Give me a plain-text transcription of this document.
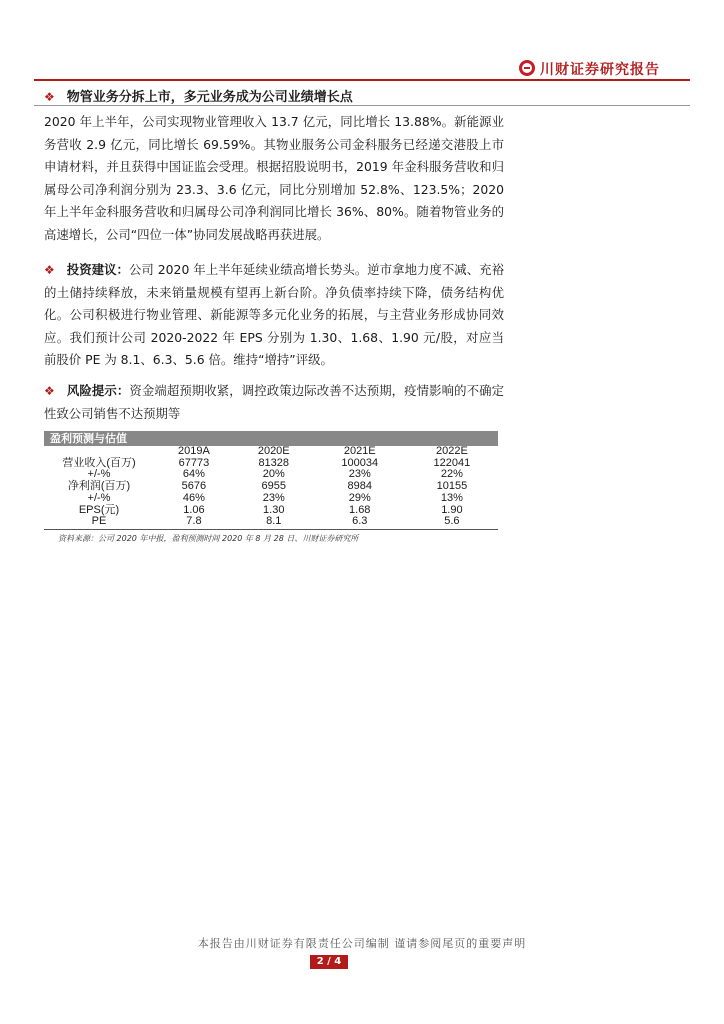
川财证券研究报告
❖ 物管业务分拆上市，多元业务成为公司业绩增长点
2020 年上半年，公司实现物业管理收入 13.7 亿元，同比增长 13.88%。新能源业务营收 2.9 亿元，同比增长 69.59%。其物业服务公司金科服务已经递交港股上市申请材料，并且获得中国证监会受理。根据招股说明书，2019 年金科服务营收和归属母公司净利润分别为 23.3、3.6 亿元，同比分别增加 52.8%、123.5%；2020 年上半年金科服务营收和归属母公司净利润同比增长 36%、80%。随着物管业务的高速增长，公司“四位一体”协同发展战略再获进展。
❖ 投资建议：公司 2020 年上半年延续业绩高增长势头。逆市拿地力度不减、充裕的土储持续释放，未来销量规模有望再上新台阶。净负债率持续下降，债务结构优化。公司积极进行物业管理、新能源等多元化业务的拓展，与主营业务形成协同效应。我们预计公司 2020-2022 年 EPS 分别为 1.30、1.68、1.90 元/股，对应当前股价 PE 为 8.1、6.3、5.6 倍。维持“增持”评级。
❖ 风险提示：资金端超预期收紧，调控政策边际改善不达预期，疫情影响的不确定性致公司销售不达预期等
盈利预测与估值
	2019A	2020E	2021E	2022E
营业收入(百万)	67773	81328	100034	122041
+/-%	64%	20%	23%	22%
净利润(百万)	5676	6955	8984	10155
+/-%	46%	23%	29%	13%
EPS(元)	1.06	1.30	1.68	1.90
PE	7.8	8.1	6.3	5.6
资料来源：公司 2020 年中报，盈利预测时间 2020 年 8 月 28 日、川财证券研究所
本报告由川财证券有限责任公司编制 谨请参阅尾页的重要声明
2 / 4
